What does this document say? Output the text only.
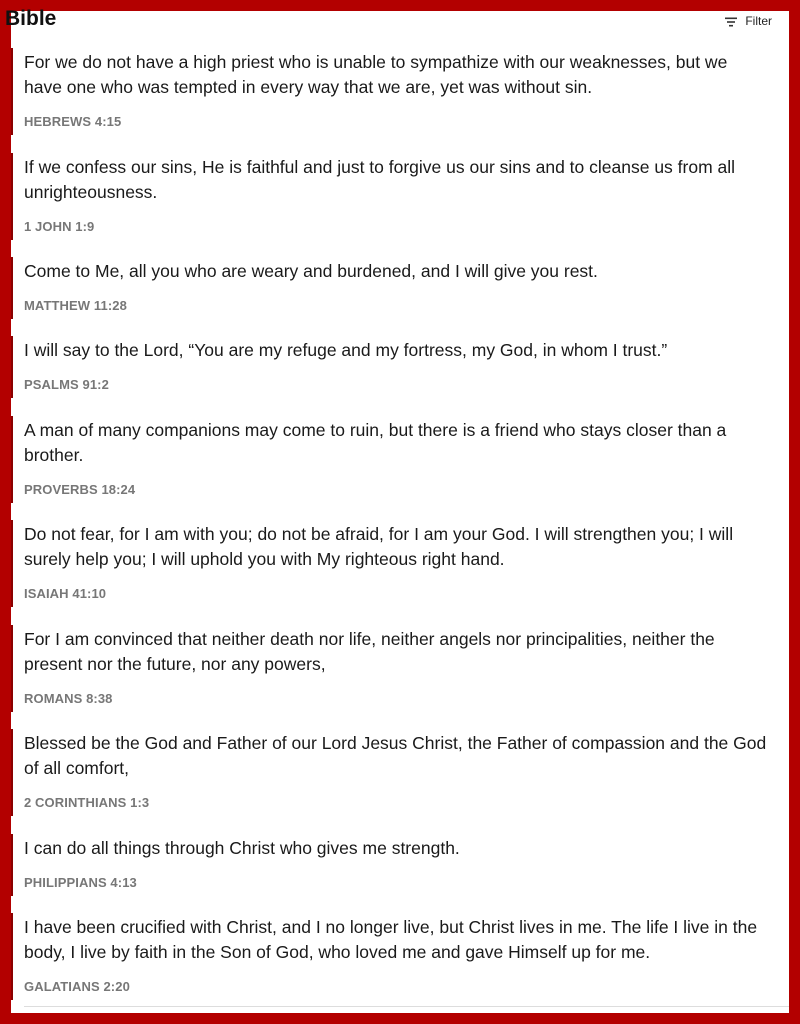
Bible	Filter
For we do not have a high priest who is unable to sympathize with our weaknesses, but we have one who was tempted in every way that we are, yet was without sin.
HEBREWS 4:15
If we confess our sins, He is faithful and just to forgive us our sins and to cleanse us from all unrighteousness.
1 JOHN 1:9
Come to Me, all you who are weary and burdened, and I will give you rest.
MATTHEW 11:28
I will say to the Lord, “You are my refuge and my fortress, my God, in whom I trust.”
PSALMS 91:2
A man of many companions may come to ruin, but there is a friend who stays closer than a brother.
PROVERBS 18:24
Do not fear, for I am with you; do not be afraid, for I am your God. I will strengthen you; I will surely help you; I will uphold you with My righteous right hand.
ISAIAH 41:10
For I am convinced that neither death nor life, neither angels nor principalities, neither the present nor the future, nor any powers,
ROMANS 8:38
Blessed be the God and Father of our Lord Jesus Christ, the Father of compassion and the God of all comfort,
2 CORINTHIANS 1:3
I can do all things through Christ who gives me strength.
PHILIPPIANS 4:13
I have been crucified with Christ, and I no longer live, but Christ lives in me. The life I live in the body, I live by faith in the Son of God, who loved me and gave Himself up for me.
GALATIANS 2:20
